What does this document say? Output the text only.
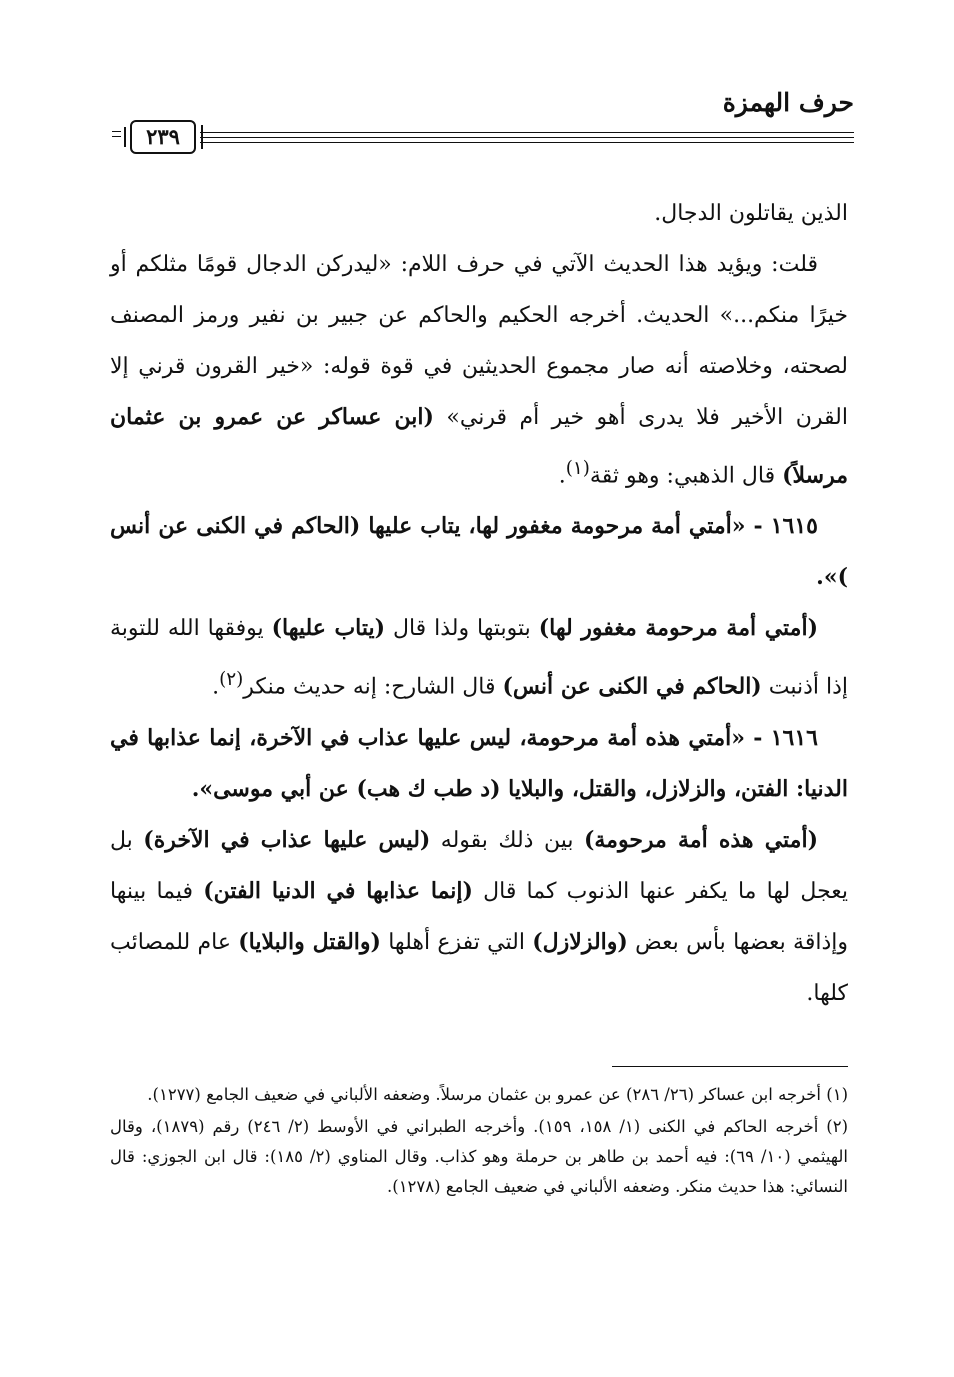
حرف الهمزة
٢٣٩

الذين يقاتلون الدجال.

قلت: ويؤيد هذا الحديث الآتي في حرف اللام: «ليدركن الدجال قومًا مثلكم أو خيرًا منكم...» الحديث. أخرجه الحكيم والحاكم عن جبير بن نفير ورمز المصنف لصحته، وخلاصته أنه صار مجموع الحديثين في قوة قوله: «خير القرون قرني إلا القرن الأخير فلا يدرى أهو خير أم قرني» (ابن عساكر عن عمرو بن عثمان مرسلاً) قال الذهبي: وهو ثقة$^{(١)}$.

١٦١٥ - «أمتي أمة مرحومة مغفور لها، يتاب عليها (الحاكم في الكنى عن أنس )».

(أمتي أمة مرحومة مغفور لها) بتوبتها ولذا قال (يتاب عليها) يوفقها الله للتوبة إذا أذنبت (الحاكم في الكنى عن أنس) قال الشارح: إنه حديث منكر$^{(٢)}$.

١٦١٦ - «أمتي هذه أمة مرحومة، ليس عليها عذاب في الآخرة، إنما عذابها في الدنيا: الفتن، والزلازل، والقتل، والبلايا (د طب ك هب) عن أبي موسى».

(أمتي هذه أمة مرحومة) بين ذلك بقوله (ليس عليها عذاب في الآخرة) بل يعجل لها ما يكفر عنها الذنوب كما قال (إنما عذابها في الدنيا الفتن) فيما بينها وإذاقة بعضها بأس بعض (والزلازل) التي تفزع أهلها (والقتل والبلايا) عام للمصائب كلها.

(١) أخرجه ابن عساكر (٢٦/ ٢٨٦) عن عمرو بن عثمان مرسلاً. وضعفه الألباني في ضعيف الجامع (١٢٧٧).

(٢) أخرجه الحاكم في الكنى (١/ ١٥٨، ١٥٩). وأخرجه الطبراني في الأوسط (٢/ ٢٤٦) رقم (١٨٧٩)، وقال الهيثمي (١٠/ ٦٩): فيه أحمد بن طاهر بن حرملة وهو كذاب. وقال المناوي (٢/ ١٨٥): قال ابن الجوزي: قال النسائي: هذا حديث منكر. وضعفه الألباني في ضعيف الجامع (١٢٧٨).
